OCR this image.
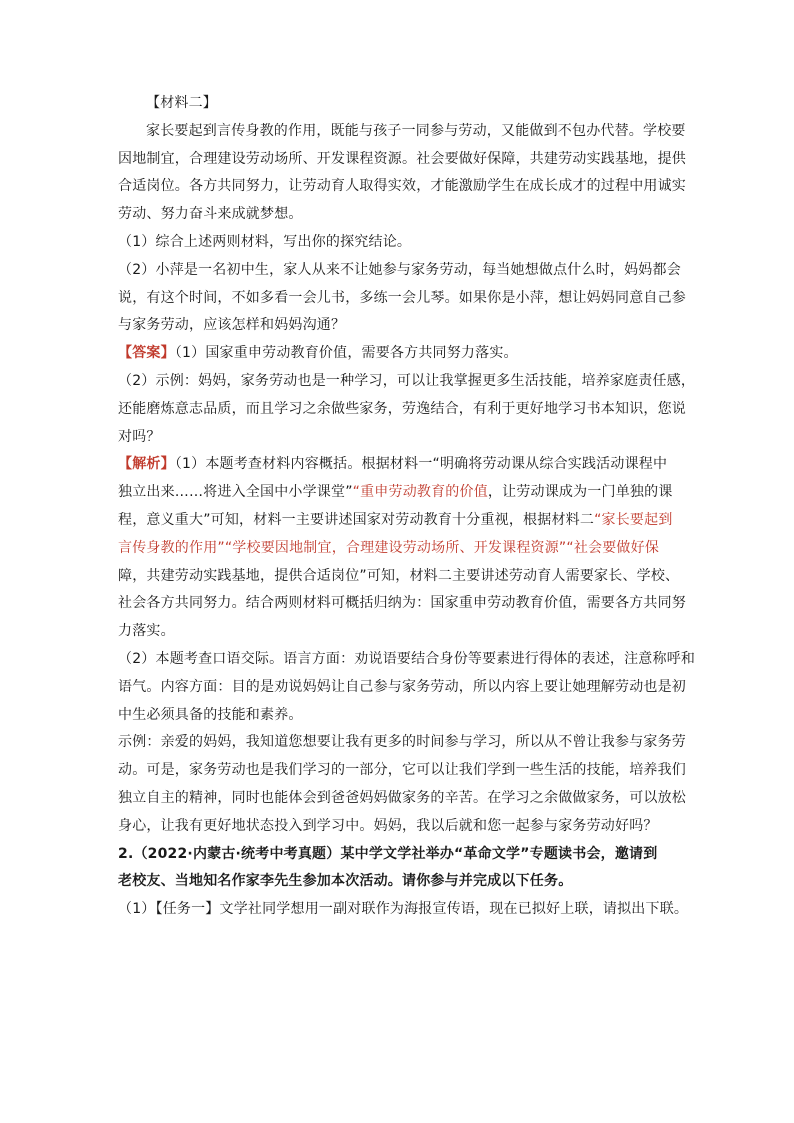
【材料二】
家长要起到言传身教的作用，既能与孩子一同参与劳动，又能做到不包办代替。学校要
因地制宜，合理建设劳动场所、开发课程资源。社会要做好保障，共建劳动实践基地，提供
合适岗位。各方共同努力，让劳动育人取得实效，才能激励学生在成长成才的过程中用诚实
劳动、努力奋斗来成就梦想。
（1）综合上述两则材料，写出你的探究结论。
（2）小萍是一名初中生，家人从来不让她参与家务劳动，每当她想做点什么时，妈妈都会
说，有这个时间，不如多看一会儿书，多练一会儿琴。如果你是小萍，想让妈妈同意自己参
与家务劳动，应该怎样和妈妈沟通？
【答案】（1）国家重申劳动教育价值，需要各方共同努力落实。
（2）示例：妈妈，家务劳动也是一种学习，可以让我掌握更多生活技能，培养家庭责任感，
还能磨炼意志品质，而且学习之余做些家务，劳逸结合，有利于更好地学习书本知识，您说
对吗？
【解析】（1）本题考查材料内容概括。根据材料一“明确将劳动课从综合实践活动课程中
独立出来……将进入全国中小学课堂”“重申劳动教育的价值，让劳动课成为一门单独的课
程，意义重大”可知，材料一主要讲述国家对劳动教育十分重视，根据材料二“家长要起到
言传身教的作用”“学校要因地制宜，合理建设劳动场所、开发课程资源”“社会要做好保
障，共建劳动实践基地，提供合适岗位”可知，材料二主要讲述劳动育人需要家长、学校、
社会各方共同努力。结合两则材料可概括归纳为：国家重申劳动教育价值，需要各方共同努
力落实。
（2）本题考查口语交际。语言方面：劝说语要结合身份等要素进行得体的表述，注意称呼和
语气。内容方面：目的是劝说妈妈让自己参与家务劳动，所以内容上要让她理解劳动也是初
中生必须具备的技能和素养。
示例：亲爱的妈妈，我知道您想要让我有更多的时间参与学习，所以从不曾让我参与家务劳
动。可是，家务劳动也是我们学习的一部分，它可以让我们学到一些生活的技能，培养我们
独立自主的精神，同时也能体会到爸爸妈妈做家务的辛苦。在学习之余做做家务，可以放松
身心，让我有更好地状态投入到学习中。妈妈，我以后就和您一起参与家务劳动好吗？
2.（2022·内蒙古·统考中考真题）某中学文学社举办“革命文学”专题读书会，邀请到
老校友、当地知名作家李先生参加本次活动。请你参与并完成以下任务。
（1）【任务一】文学社同学想用一副对联作为海报宣传语，现在已拟好上联，请拟出下联。
